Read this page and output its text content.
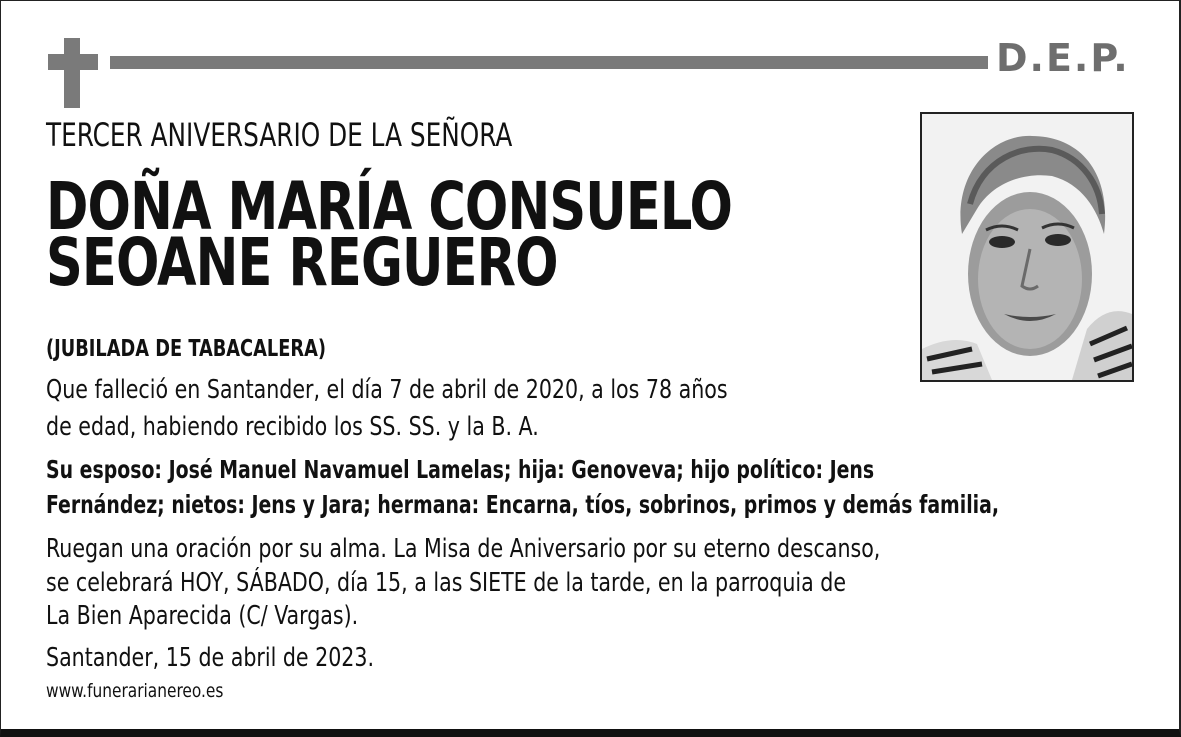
D.E.P.
TERCER ANIVERSARIO DE LA SEÑORA
DOÑA MARÍA CONSUELO
SEOANE REGUERO
(JUBILADA DE TABACALERA)
Que falleció en Santander, el día 7 de abril de 2020, a los 78 años
de edad, habiendo recibido los SS. SS. y la B. A.
Su esposo: José Manuel Navamuel Lamelas; hija: Genoveva; hijo político: Jens
Fernández; nietos: Jens y Jara; hermana: Encarna, tíos, sobrinos, primos y demás familia,
Ruegan una oración por su alma. La Misa de Aniversario por su eterno descanso,
se celebrará HOY, SÁBADO, día 15, a las SIETE de la tarde, en la parroquia de
La Bien Aparecida (C/ Vargas).
Santander, 15 de abril de 2023.
www.funerarianereo.es
